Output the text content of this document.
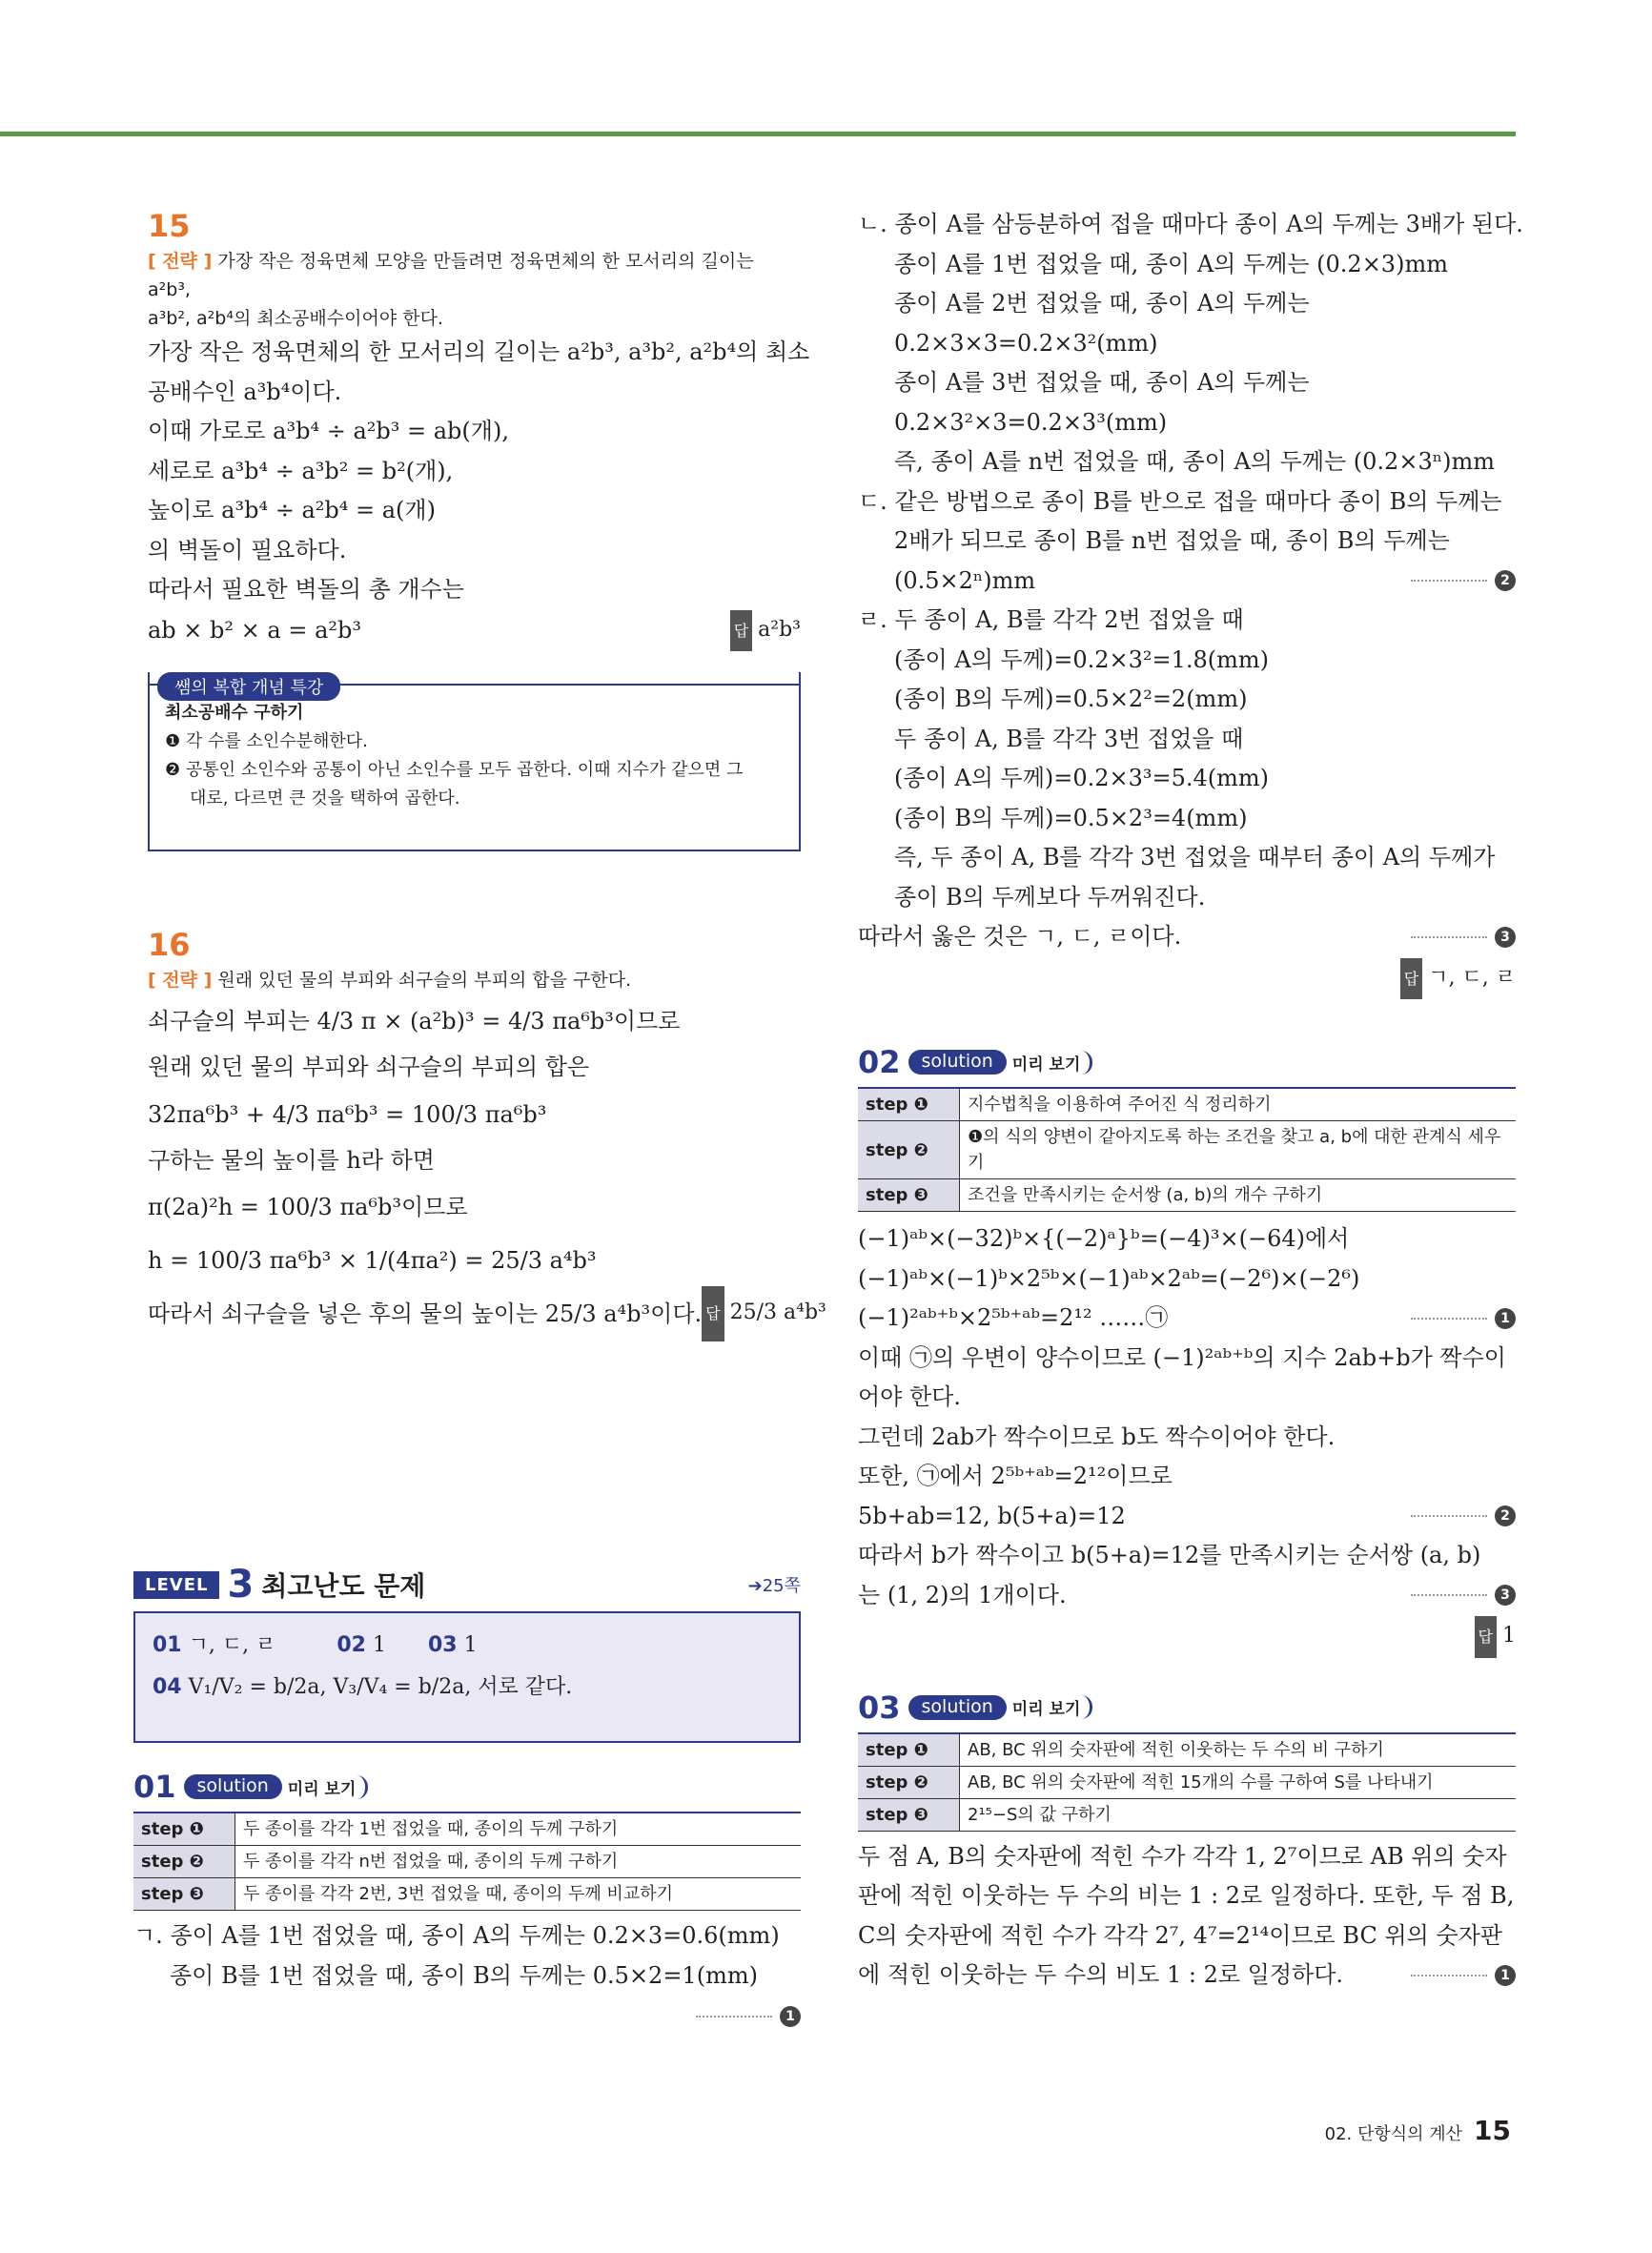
15
[ 전략 ] 가장 작은 정육면체 모양을 만들려면 정육면체의 한 모서리의 길이는 a²b³,
a³b², a²b⁴의 최소공배수이어야 한다.
가장 작은 정육면체의 한 모서리의 길이는 a²b³, a³b², a²b⁴의 최소
공배수인 a³b⁴이다.
이때 가로로 a³b⁴ ÷ a²b³ = ab(개),
세로로 a³b⁴ ÷ a³b² = b²(개),
높이로 a³b⁴ ÷ a²b⁴ = a(개)
의 벽돌이 필요하다.
따라서 필요한 벽돌의 총 개수는
ab × b² × a = a²b³	답 a²b³
쌤의 복합 개념 특강
최소공배수 구하기
❶ 각 수를 소인수분해한다.
❷ 공통인 소인수와 공통이 아닌 소인수를 모두 곱한다. 이때 지수가 같으면 그
대로, 다르면 큰 것을 택하여 곱한다.
16
[ 전략 ] 원래 있던 물의 부피와 쇠구슬의 부피의 합을 구한다.
쇠구슬의 부피는 4/3 π × (a²b)³ = 4/3 πa⁶b³이므로
원래 있던 물의 부피와 쇠구슬의 부피의 합은
32πa⁶b³ + 4/3 πa⁶b³ = 100/3 πa⁶b³
구하는 물의 높이를 h라 하면
π(2a)²h = 100/3 πa⁶b³이므로
h = 100/3 πa⁶b³ × 1/(4πa²) = 25/3 a⁴b³
따라서 쇠구슬을 넣은 후의 물의 높이는 25/3 a⁴b³이다. 답 25/3 a⁴b³
LEVEL 3 최고난도 문제	➔25쪽
01 ㄱ, ㄷ, ㄹ	02 1 03 1
04 V₁/V₂ = b/2a, V₃/V₄ = b/2a, 서로 같다.
01	solution	미리 보기
step ❶	두 종이를 각각 1번 접었을 때, 종이의 두께 구하기
step ❷	두 종이를 각각 n번 접었을 때, 종이의 두께 구하기
step ❸	두 종이를 각각 2번, 3번 접었을 때, 종이의 두께 비교하기
ㄱ. 종이 A를 1번 접었을 때, 종이 A의 두께는 0.2×3=0.6(mm)
종이 B를 1번 접었을 때, 종이 B의 두께는 0.5×2=1(mm)
1
ㄴ. 종이 A를 삼등분하여 접을 때마다 종이 A의 두께는 3배가 된다.
종이 A를 1번 접었을 때, 종이 A의 두께는 (0.2×3)mm
종이 A를 2번 접었을 때, 종이 A의 두께는
0.2×3×3=0.2×3²(mm)
종이 A를 3번 접었을 때, 종이 A의 두께는
0.2×3²×3=0.2×3³(mm)
즉, 종이 A를 n번 접었을 때, 종이 A의 두께는 (0.2×3ⁿ)mm
ㄷ. 같은 방법으로 종이 B를 반으로 접을 때마다 종이 B의 두께는
2배가 되므로 종이 B를 n번 접었을 때, 종이 B의 두께는
(0.5×2ⁿ)mm	2
ㄹ. 두 종이 A, B를 각각 2번 접었을 때
(종이 A의 두께)=0.2×3²=1.8(mm)
(종이 B의 두께)=0.5×2²=2(mm)
두 종이 A, B를 각각 3번 접었을 때
(종이 A의 두께)=0.2×3³=5.4(mm)
(종이 B의 두께)=0.5×2³=4(mm)
즉, 두 종이 A, B를 각각 3번 접었을 때부터 종이 A의 두께가
종이 B의 두께보다 두꺼워진다.
따라서 옳은 것은 ㄱ, ㄷ, ㄹ이다.	3
답 ㄱ, ㄷ, ㄹ
02	solution	미리 보기
step ❶	지수법칙을 이용하여 주어진 식 정리하기
step ❷	❶의 식의 양변이 같아지도록 하는 조건을 찾고 a, b에 대한 관계식 세우기
step ❸	조건을 만족시키는 순서쌍 (a, b)의 개수 구하기
(−1)ᵃᵇ×(−32)ᵇ×{(−2)ᵃ}ᵇ=(−4)³×(−64)에서
(−1)ᵃᵇ×(−1)ᵇ×2⁵ᵇ×(−1)ᵃᵇ×2ᵃᵇ=(−2⁶)×(−2⁶)
(−1)²ᵃᵇ⁺ᵇ×2⁵ᵇ⁺ᵃᵇ=2¹² ……㉠	1
이때 ㉠의 우변이 양수이므로 (−1)²ᵃᵇ⁺ᵇ의 지수 2ab+b가 짝수이
어야 한다.
그런데 2ab가 짝수이므로 b도 짝수이어야 한다.
또한, ㉠에서 2⁵ᵇ⁺ᵃᵇ=2¹²이므로
5b+ab=12, b(5+a)=12	2
따라서 b가 짝수이고 b(5+a)=12를 만족시키는 순서쌍 (a, b)
는 (1, 2)의 1개이다.	3
답 1
03	solution	미리 보기
step ❶	AB, BC 위의 숫자판에 적힌 이웃하는 두 수의 비 구하기
step ❷	AB, BC 위의 숫자판에 적힌 15개의 수를 구하여 S를 나타내기
step ❸	2¹⁵−S의 값 구하기
두 점 A, B의 숫자판에 적힌 수가 각각 1, 2⁷이므로 AB 위의 숫자
판에 적힌 이웃하는 두 수의 비는 1 : 2로 일정하다. 또한, 두 점 B,
C의 숫자판에 적힌 수가 각각 2⁷, 4⁷=2¹⁴이므로 BC 위의 숫자판
에 적힌 이웃하는 두 수의 비도 1 : 2로 일정하다.	1
02. 단항식의 계산 15
